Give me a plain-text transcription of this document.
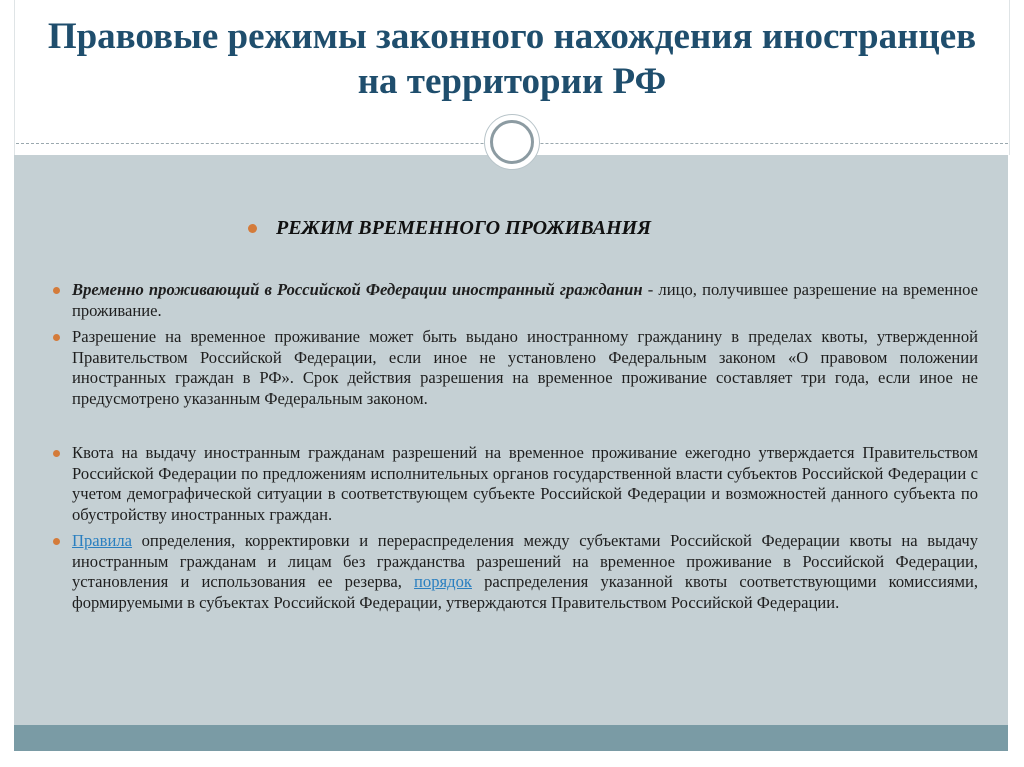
Правовые режимы законного нахождения иностранцев на территории РФ
РЕЖИМ ВРЕМЕННОГО ПРОЖИВАНИЯ
Временно проживающий в Российской Федерации иностранный гражданин - лицо, получившее разрешение на временное проживание.
Разрешение на временное проживание может быть выдано иностранному гражданину в пределах квоты, утвержденной Правительством Российской Федерации, если иное не установлено Федеральным законом «О правовом положении иностранных граждан в РФ». Срок действия разрешения на временное проживание составляет три года, если иное не предусмотрено указанным Федеральным законом.
Квота на выдачу иностранным гражданам разрешений на временное проживание ежегодно утверждается Правительством Российской Федерации по предложениям исполнительных органов государственной власти субъектов Российской Федерации с учетом демографической ситуации в соответствующем субъекте Российской Федерации и возможностей данного субъекта по обустройству иностранных граждан.
Правила определения, корректировки и перераспределения между субъектами Российской Федерации квоты на выдачу иностранным гражданам и лицам без гражданства разрешений на временное проживание в Российской Федерации, установления и использования ее резерва, порядок распределения указанной квоты соответствующими комиссиями, формируемыми в субъектах Российской Федерации, утверждаются Правительством Российской Федерации.
